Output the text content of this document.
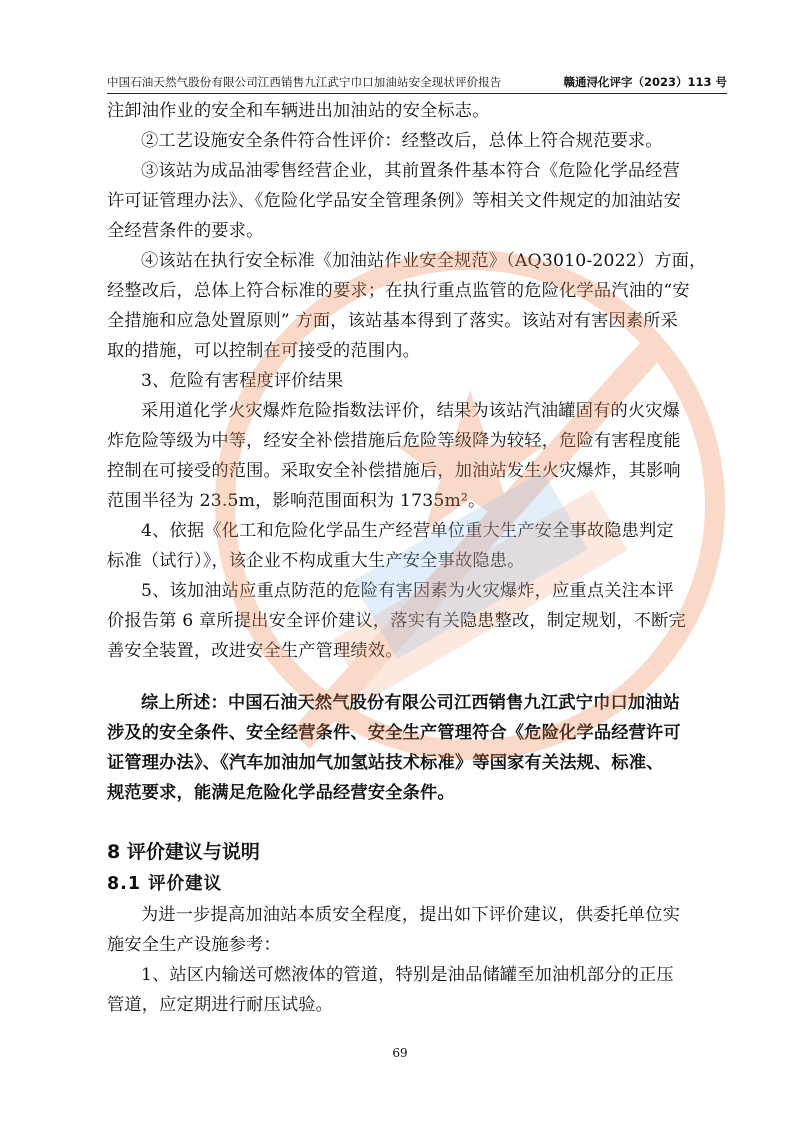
中国石油天然气股份有限公司江西销售九江武宁巾口加油站安全现状评价报告	赣通浔化评字（2023）113 号
注卸油作业的安全和车辆进出加油站的安全标志。
②工艺设施安全条件符合性评价：经整改后，总体上符合规范要求。
③该站为成品油零售经营企业，其前置条件基本符合《危险化学品经营
许可证管理办法》、《危险化学品安全管理条例》等相关文件规定的加油站安
全经营条件的要求。
④该站在执行安全标准《加油站作业安全规范》（AQ3010-2022）方面，
经整改后，总体上符合标准的要求；在执行重点监管的危险化学品汽油的“安
全措施和应急处置原则” 方面，该站基本得到了落实。该站对有害因素所采
取的措施，可以控制在可接受的范围内。
3、危险有害程度评价结果
采用道化学火灾爆炸危险指数法评价，结果为该站汽油罐固有的火灾爆
炸危险等级为中等，经安全补偿措施后危险等级降为较轻，危险有害程度能
控制在可接受的范围。采取安全补偿措施后，加油站发生火灾爆炸，其影响
范围半径为 23.5m，影响范围面积为 1735m²。
4、依据《化工和危险化学品生产经营单位重大生产安全事故隐患判定
标准（试行）》，该企业不构成重大生产安全事故隐患。
5、该加油站应重点防范的危险有害因素为火灾爆炸，应重点关注本评
价报告第 6 章所提出安全评价建议，落实有关隐患整改，制定规划，不断完
善安全装置，改进安全生产管理绩效。
综上所述：中国石油天然气股份有限公司江西销售九江武宁巾口加油站
涉及的安全条件、安全经营条件、安全生产管理符合《危险化学品经营许可
证管理办法》、《汽车加油加气加氢站技术标准》等国家有关法规、标准、
规范要求，能满足危险化学品经营安全条件。
8 评价建议与说明
8.1 评价建议
为进一步提高加油站本质安全程度，提出如下评价建议，供委托单位实
施安全生产设施参考：
1、站区内输送可燃液体的管道，特别是油品储罐至加油机部分的正压
管道，应定期进行耐压试验。
69
